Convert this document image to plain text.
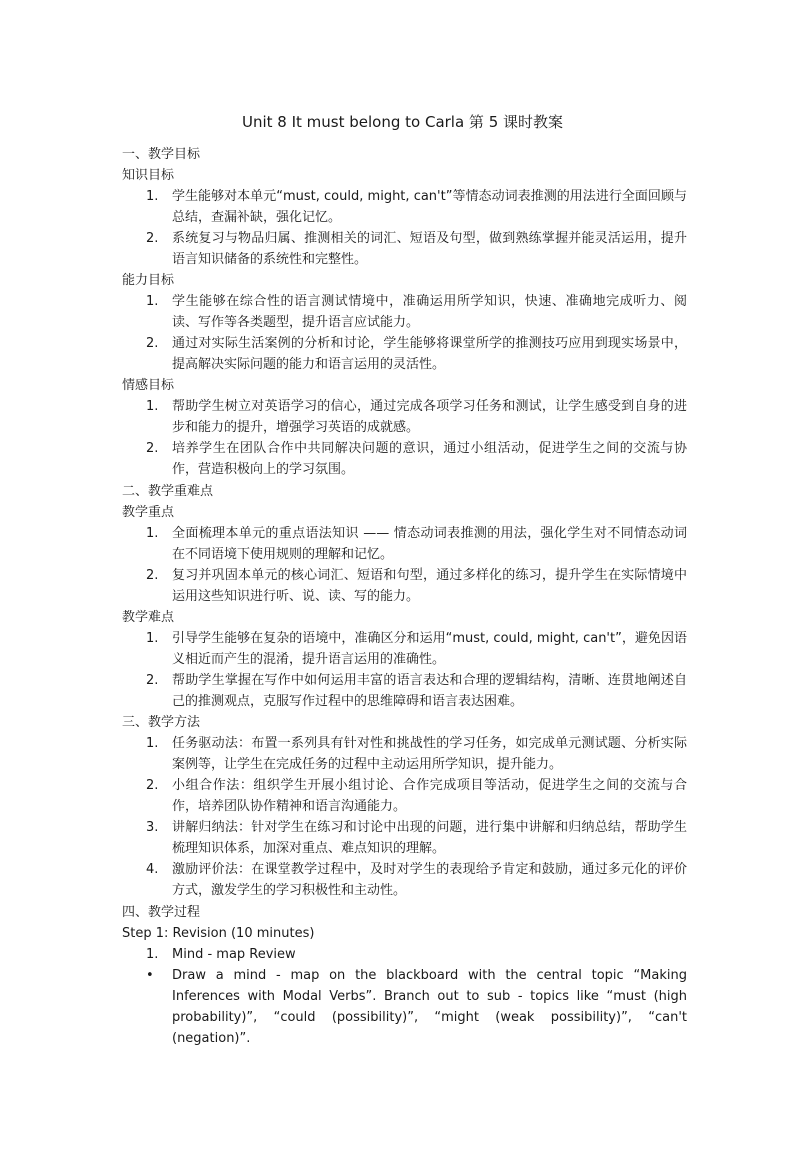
Unit 8 It must belong to Carla 第 5 课时教案
一、教学目标
知识目标
1. 学生能够对本单元“must, could, might, can't”等情态动词表推测的用法进行全面回顾与总结，查漏补缺，强化记忆。
2. 系统复习与物品归属、推测相关的词汇、短语及句型，做到熟练掌握并能灵活运用，提升语言知识储备的系统性和完整性。
能力目标
1. 学生能够在综合性的语言测试情境中，准确运用所学知识，快速、准确地完成听力、阅读、写作等各类题型，提升语言应试能力。
2. 通过对实际生活案例的分析和讨论，学生能够将课堂所学的推测技巧应用到现实场景中，提高解决实际问题的能力和语言运用的灵活性。
情感目标
1. 帮助学生树立对英语学习的信心，通过完成各项学习任务和测试，让学生感受到自身的进步和能力的提升，增强学习英语的成就感。
2. 培养学生在团队合作中共同解决问题的意识，通过小组活动，促进学生之间的交流与协作，营造积极向上的学习氛围。
二、教学重难点
教学重点
1. 全面梳理本单元的重点语法知识 —— 情态动词表推测的用法，强化学生对不同情态动词在不同语境下使用规则的理解和记忆。
2. 复习并巩固本单元的核心词汇、短语和句型，通过多样化的练习，提升学生在实际情境中运用这些知识进行听、说、读、写的能力。
教学难点
1. 引导学生能够在复杂的语境中，准确区分和运用“must, could, might, can't”，避免因语义相近而产生的混淆，提升语言运用的准确性。
2. 帮助学生掌握在写作中如何运用丰富的语言表达和合理的逻辑结构，清晰、连贯地阐述自己的推测观点，克服写作过程中的思维障碍和语言表达困难。
三、教学方法
1. 任务驱动法：布置一系列具有针对性和挑战性的学习任务，如完成单元测试题、分析实际案例等，让学生在完成任务的过程中主动运用所学知识，提升能力。
2. 小组合作法：组织学生开展小组讨论、合作完成项目等活动，促进学生之间的交流与合作，培养团队协作精神和语言沟通能力。
3. 讲解归纳法：针对学生在练习和讨论中出现的问题，进行集中讲解和归纳总结，帮助学生梳理知识体系，加深对重点、难点知识的理解。
4. 激励评价法：在课堂教学过程中，及时对学生的表现给予肯定和鼓励，通过多元化的评价方式，激发学生的学习积极性和主动性。
四、教学过程
Step 1: Revision (10 minutes)
1. Mind - map Review
• Draw a mind - map on the blackboard with the central topic “Making Inferences with Modal Verbs”. Branch out to sub - topics like “must (high probability)”, “could (possibility)”, “might (weak possibility)”, “can't (negation)”.
